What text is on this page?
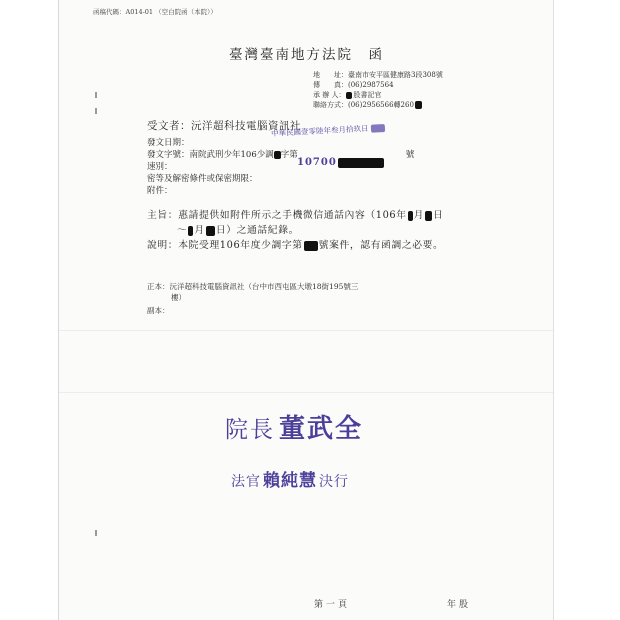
函稿代碼：A014-01 （空白院函（本院））
臺灣臺南地方法院　函
地　　址：臺南市安平區健康路3段308號
傳　　真：(06)2987564
承 辦 人： 股書記官
聯絡方式：(06)2956566轉260
受文者：沅洋超科技電腦資訊社
發文日期：
中華民國壹零陸年叁月拾玖日
發文字號：南院武刑少年106少調 字第	號
10700
速別：
密等及解密條件或保密期限：
附件：
主旨：惠請提供如附件所示之手機微信通話內容（106年 月 日
～ 月 日）之通話紀錄。
說明：本院受理106年度少調字第 號案件，認有函調之必要。
正本：沅洋超科技電腦資訊社（台中市西屯區大墩18街195號三
樓）
副本：
院長 董武全
法官 賴純慧 決行
第一頁	年股
